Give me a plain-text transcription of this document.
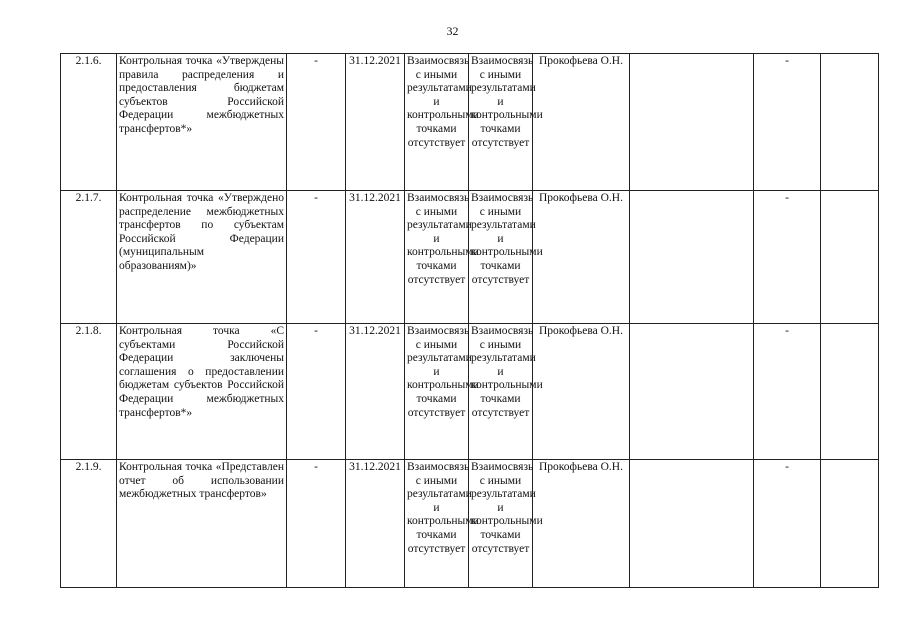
32
2.1.6.	Контрольная точка «Утверждены правила распределения и предоставления бюджетам субъектов Российской Федерации межбюджетных трансфертов*»	-	31.12.2021	Взаимосвязь с иными результатами и контрольными точками отсутствует	Взаимосвязь с иными результатами и контрольными точками отсутствует	Прокофьева О.Н.		-	
2.1.7.	Контрольная точка «Утверждено распределение межбюджетных трансфертов по субъектам Российской Федерации (муниципальным образованиям)»	-	31.12.2021	Взаимосвязь с иными результатами и контрольными точками отсутствует	Взаимосвязь с иными результатами и контрольными точками отсутствует	Прокофьева О.Н.		-	
2.1.8.	Контрольная точка «С субъектами Российской Федерации заключены соглашения о предоставлении бюджетам субъектов Российской Федерации межбюджетных трансфертов*»	-	31.12.2021	Взаимосвязь с иными результатами и контрольными точками отсутствует	Взаимосвязь с иными результатами и контрольными точками отсутствует	Прокофьева О.Н.		-	
2.1.9.	Контрольная точка «Представлен отчет об использовании межбюджетных трансфертов»	-	31.12.2021	Взаимосвязь с иными результатами и контрольными точками отсутствует	Взаимосвязь с иными результатами и контрольными точками отсутствует	Прокофьева О.Н.		-	
